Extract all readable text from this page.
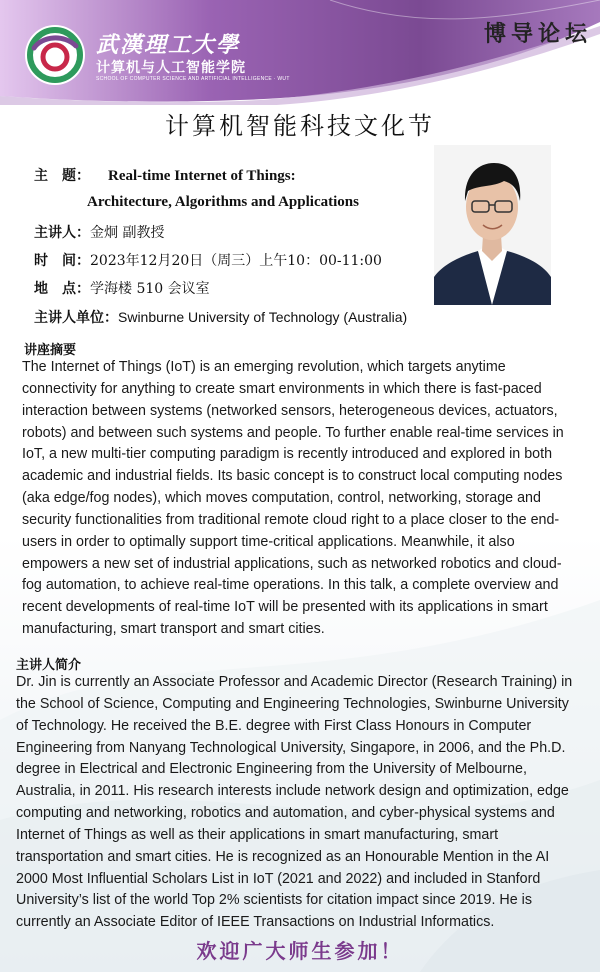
武漢理工大學
计算机与人工智能学院
SCHOOL OF COMPUTER SCIENCE AND ARTIFICIAL INTELLIGENCE · WUT
博导论坛
计算机智能科技文化节
主　题： Real-time Internet of Things:
Architecture, Algorithms and Applications
主讲人：金炯 副教授
时　间：2023年12月20日（周三）上午10：00-11:00
地　点：学海楼 510 会议室
主讲人单位：Swinburne University of Technology (Australia)
讲座摘要
The Internet of Things (IoT) is an emerging revolution, which targets anytime connectivity for anything to create smart environments in which there is fast-paced interaction between systems (networked sensors, heterogeneous devices, actuators, robots) and between such systems and people. To further enable real-time services in IoT, a new multi-tier computing paradigm is recently introduced and explored in both academic and industrial fields. Its basic concept is to construct local computing nodes (aka edge/fog nodes), which moves computation, control, networking, storage and security functionalities from traditional remote cloud right to a place closer to the end-users in order to optimally support time-critical applications. Meanwhile, it also empowers a new set of industrial applications, such as networked robotics and cloud-fog automation, to achieve real-time operations. In this talk, a complete overview and recent developments of real-time IoT will be presented with its applications in smart manufacturing, smart transport and smart cities.
主讲人简介
Dr. Jin is currently an Associate Professor and Academic Director (Research Training) in the School of Science, Computing and Engineering Technologies, Swinburne University of Technology. He received the B.E. degree with First Class Honours in Computer Engineering from Nanyang Technological University, Singapore, in 2006, and the Ph.D. degree in Electrical and Electronic Engineering from the University of Melbourne, Australia, in 2011. His research interests include network design and optimization, edge computing and networking, robotics and automation, and cyber-physical systems and Internet of Things as well as their applications in smart manufacturing, smart transportation and smart cities. He is recognized as an Honourable Mention in the AI 2000 Most Influential Scholars List in IoT (2021 and 2022) and included in Stanford University’s list of the world Top 2% scientists for citation impact since 2019. He is currently an Associate Editor of IEEE Transactions on Industrial Informatics.
欢迎广大师生参加！
